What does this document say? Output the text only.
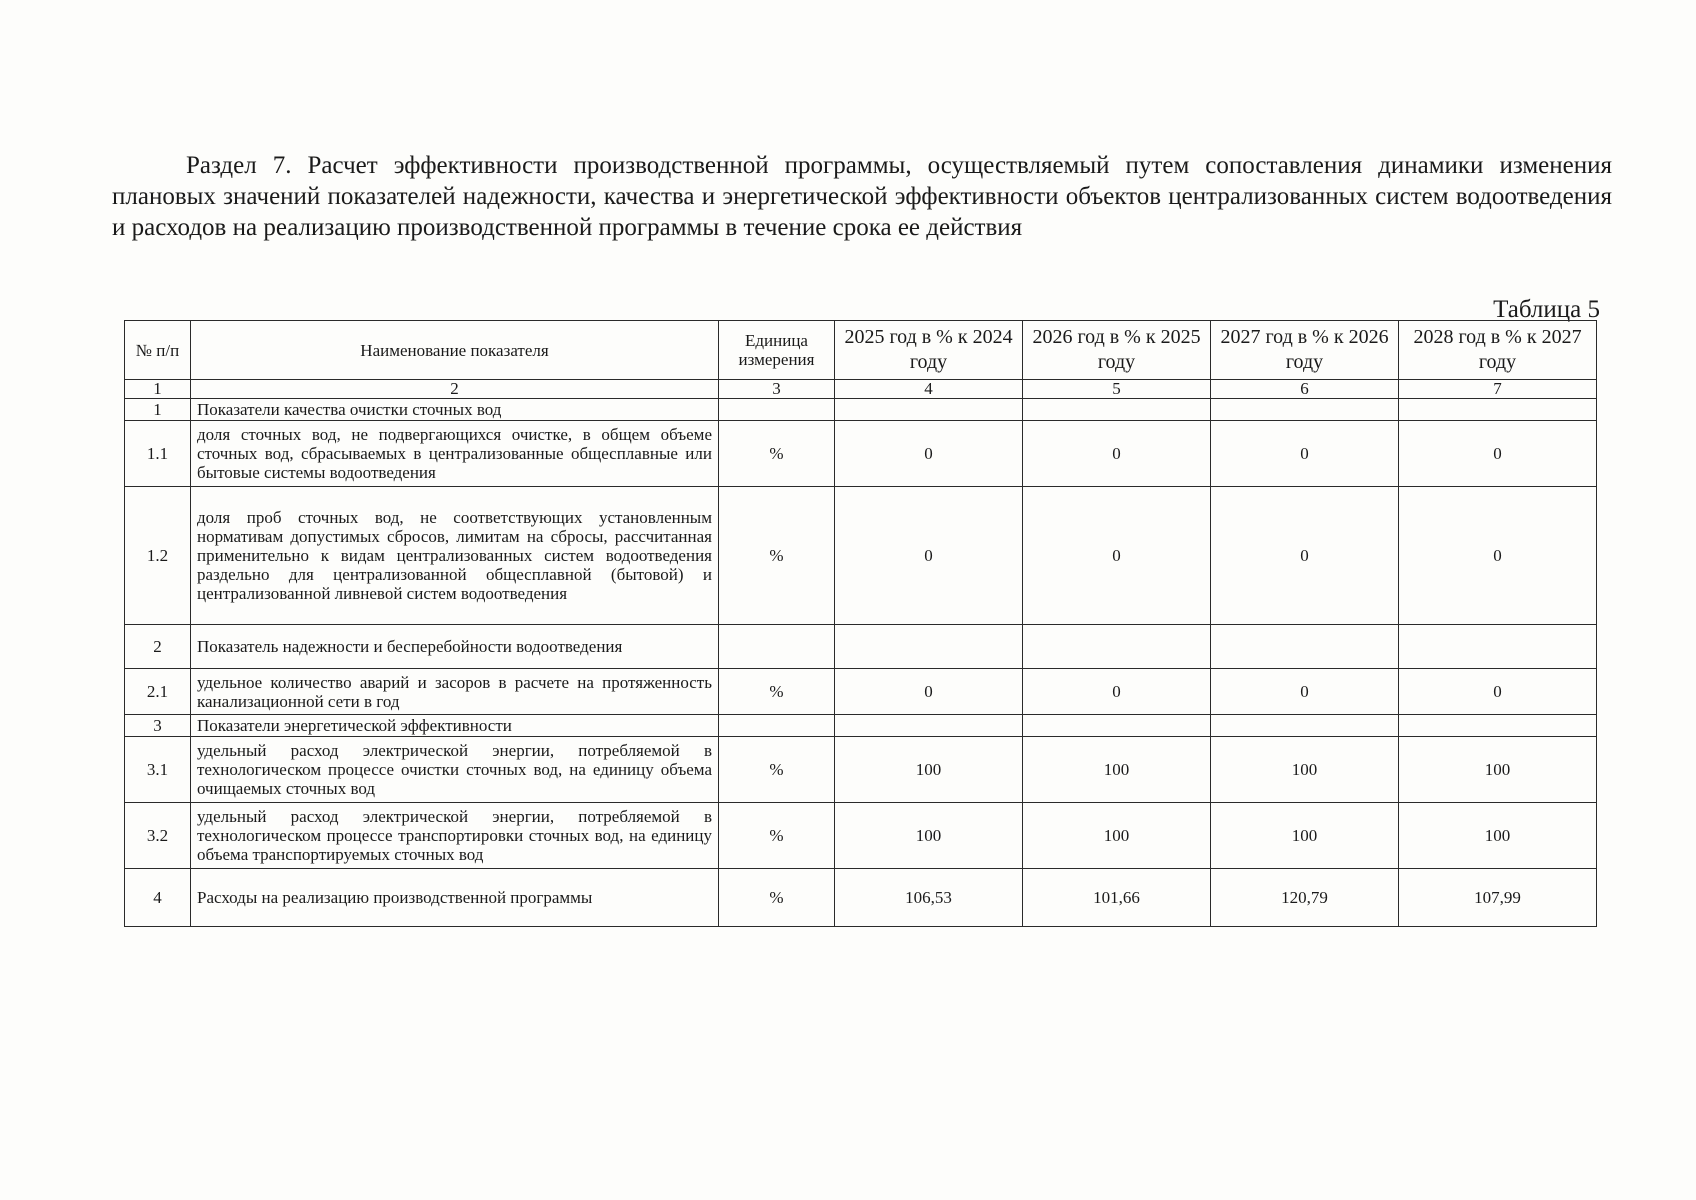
Раздел 7. Расчет эффективности производственной программы, осуществляемый путем сопоставления динамики изменения плановых значений показателей надежности, качества и энергетической эффективности объектов централизованных систем водоотведения и расходов на реализацию производственной программы в течение срока ее действия

Таблица 5

№ п/п	Наименование показателя	Единица измерения	2025 год в % к 2024 году	2026 год в % к 2025 году	2027 год в % к 2026 году	2028 год в % к 2027 году
1	2	3	4	5	6	7
1	Показатели качества очистки сточных вод					
1.1	доля сточных вод, не подвергающихся очистке, в общем объеме сточных вод, сбрасываемых в централизованные общесплавные или бытовые системы водоотведения	%	0	0	0	0
1.2	доля проб сточных вод, не соответствующих установленным нормативам допустимых сбросов, лимитам на сбросы, рассчитанная применительно к видам централизованных систем водоотведения раздельно для централизованной общесплавной (бытовой) и централизованной ливневой систем водоотведения	%	0	0	0	0
2	Показатель надежности и бесперебойности водоотведения					
2.1	удельное количество аварий и засоров в расчете на протяженность канализационной сети в год	%	0	0	0	0
3	Показатели энергетической эффективности					
3.1	удельный расход электрической энергии, потребляемой в технологическом процессе очистки сточных вод, на единицу объема очищаемых сточных вод	%	100	100	100	100
3.2	удельный расход электрической энергии, потребляемой в технологическом процессе транспортировки сточных вод, на единицу объема транспортируемых сточных вод	%	100	100	100	100
4	Расходы на реализацию производственной программы	%	106,53	101,66	120,79	107,99
